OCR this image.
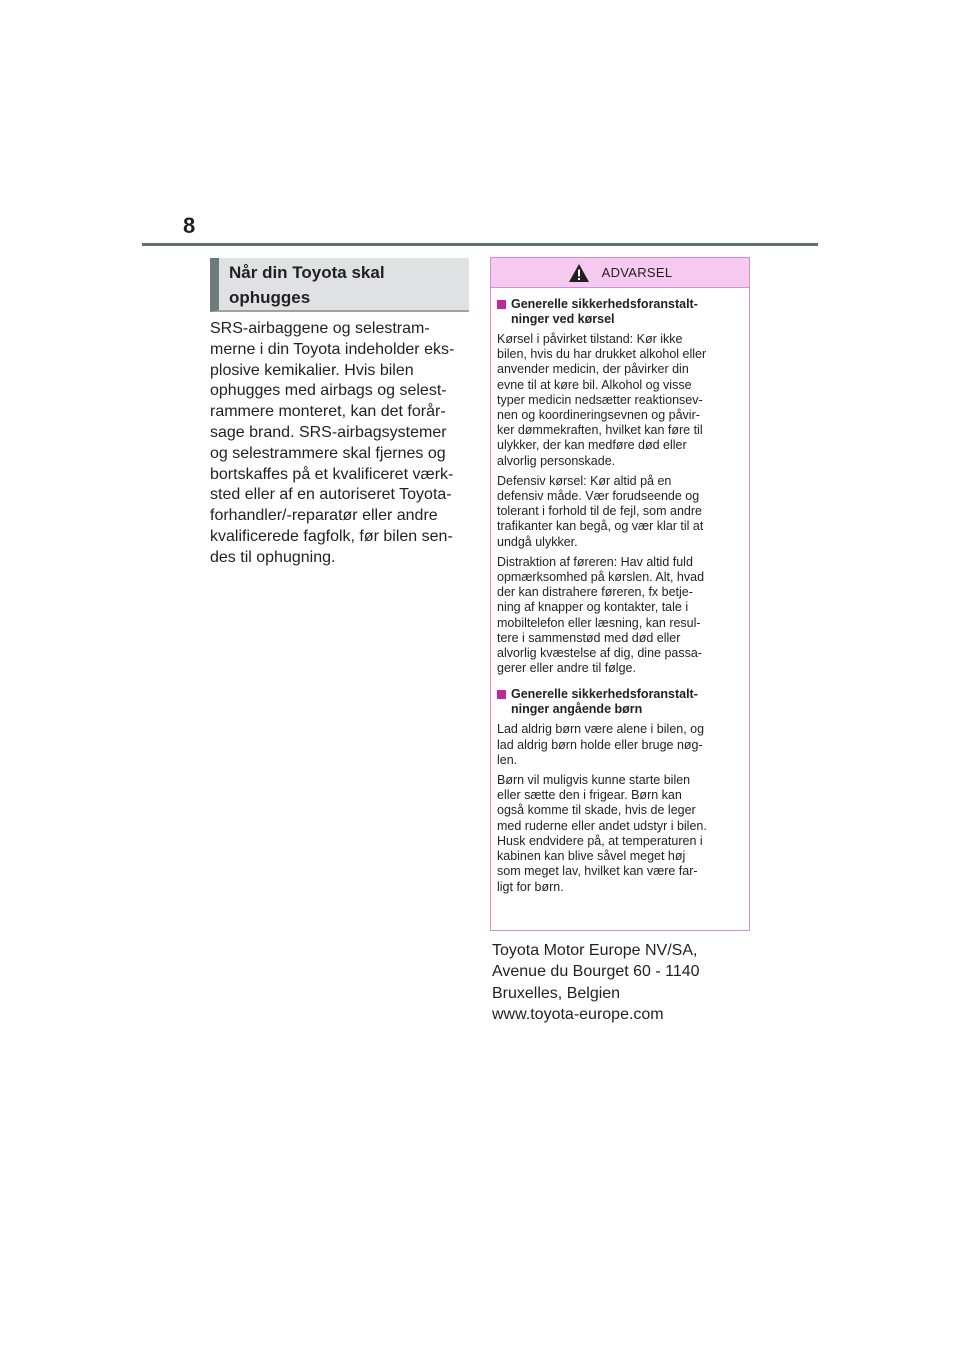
8
Når din Toyota skal
ophugges

SRS-airbaggene og selestram-
merne i din Toyota indeholder eks-
plosive kemikalier. Hvis bilen
ophugges med airbags og selest-
rammere monteret, kan det forår-
sage brand. SRS-airbagsystemer
og selestrammere skal fjernes og
bortskaffes på et kvalificeret værk-
sted eller af en autoriseret Toyota-
forhandler/-reparatør eller andre
kvalificerede fagfolk, før bilen sen-
des til ophugning.

ADVARSEL
Generelle sikkerhedsforanstalt-
ninger ved kørsel

Kørsel i påvirket tilstand: Kør ikke
bilen, hvis du har drukket alkohol eller
anvender medicin, der påvirker din
evne til at køre bil. Alkohol og visse
typer medicin nedsætter reaktionsev-
nen og koordineringsevnen og påvir-
ker dømmekraften, hvilket kan føre til
ulykker, der kan medføre død eller
alvorlig personskade.

Defensiv kørsel: Kør altid på en
defensiv måde. Vær forudseende og
tolerant i forhold til de fejl, som andre
trafikanter kan begå, og vær klar til at
undgå ulykker.

Distraktion af føreren: Hav altid fuld
opmærksomhed på kørslen. Alt, hvad
der kan distrahere føreren, fx betje-
ning af knapper og kontakter, tale i
mobiltelefon eller læsning, kan resul-
tere i sammenstød med død eller
alvorlig kvæstelse af dig, dine passa-
gerer eller andre til følge.

Generelle sikkerhedsforanstalt-
ninger angående børn

Lad aldrig børn være alene i bilen, og
lad aldrig børn holde eller bruge nøg-
len.

Børn vil muligvis kunne starte bilen
eller sætte den i frigear. Børn kan
også komme til skade, hvis de leger
med ruderne eller andet udstyr i bilen.
Husk endvidere på, at temperaturen i
kabinen kan blive såvel meget høj
som meget lav, hvilket kan være far-
ligt for børn.

Toyota Motor Europe NV/SA,
Avenue du Bourget 60 - 1140
Bruxelles, Belgien
www.toyota-europe.com
